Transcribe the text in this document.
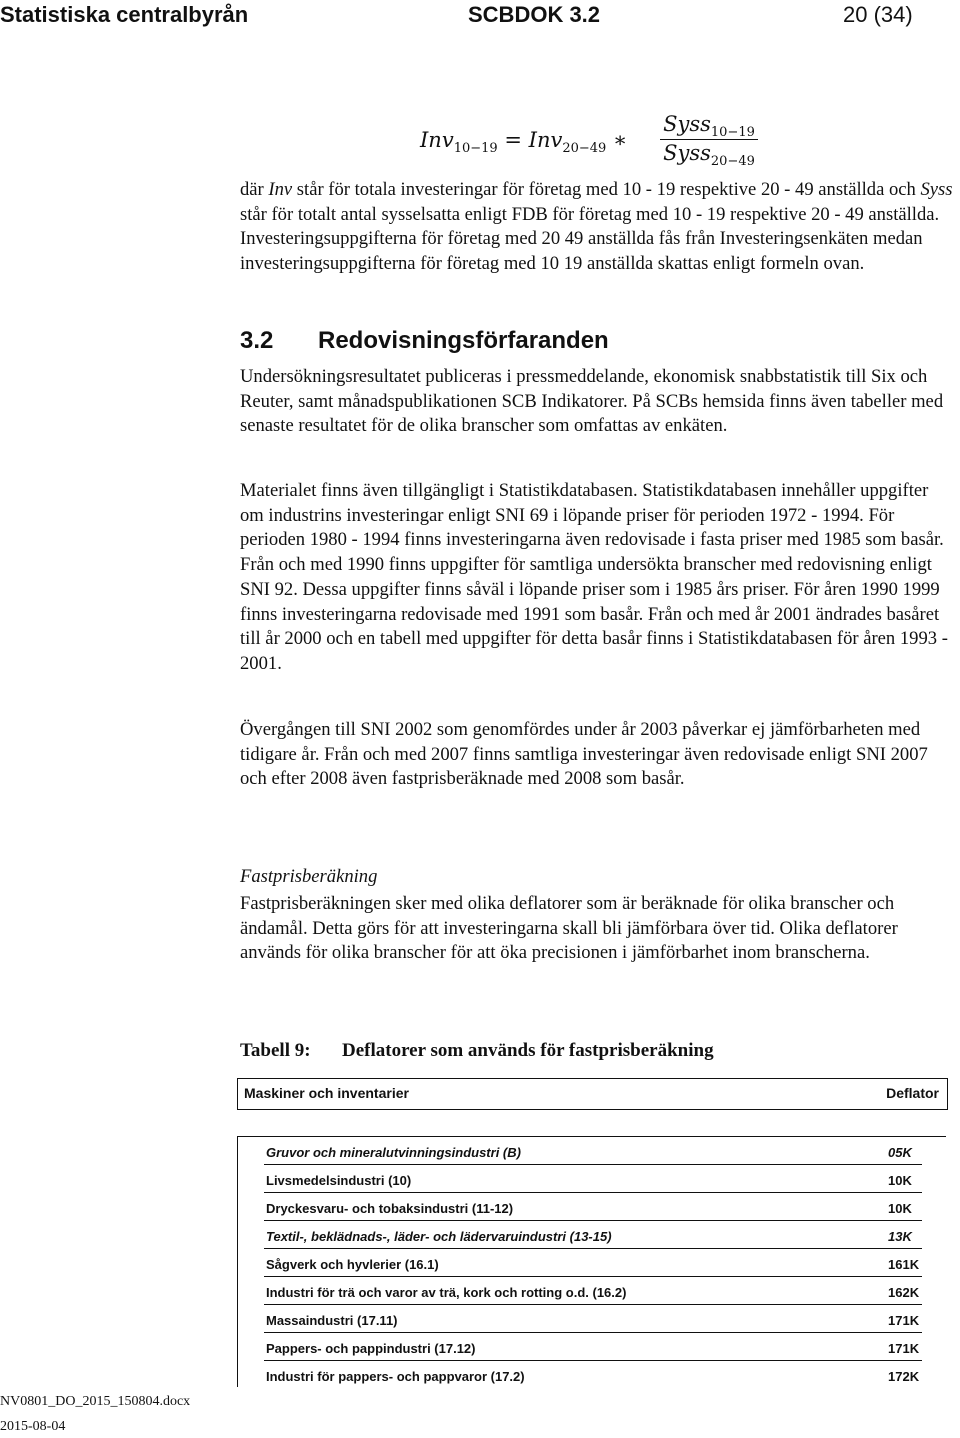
Statistiska centralbyrån	SCBDOK 3.2	20 (34)
Inv$_{10-19}$ = Inv$_{20-49}$ ∗
Syss$_{10-19}$
Syss$_{20-49}$

där Inv står för totala investeringar för företag med 10 - 19 respektive 20 - 49 anställda och Syss står för totalt antal sysselsatta enligt FDB för företag med 10 - 19 respektive 20 - 49 anställda. Investeringsuppgifterna för företag med 20 49 anställda fås från Investeringsenkäten medan investeringsuppgifterna för företag med 10 19 anställda skattas enligt formeln ovan.

3.2 Redovisningsförfaranden

Undersökningsresultatet publiceras i pressmeddelande, ekonomisk snabbstatistik till Six och Reuter, samt månadspublikationen SCB Indikatorer. På SCBs hemsida finns även tabeller med senaste resultatet för de olika branscher som omfattas av enkäten.

Materialet finns även tillgängligt i Statistikdatabasen. Statistikdatabasen innehåller uppgifter om industrins investeringar enligt SNI 69 i löpande priser för perioden 1972 - 1994. För perioden 1980 - 1994 finns investeringarna även redovisade i fasta priser med 1985 som basår. Från och med 1990 finns uppgifter för samtliga undersökta branscher med redovisning enligt SNI 92. Dessa uppgifter finns såväl i löpande priser som i 1985 års priser. För åren 1990 1999 finns investeringarna redovisade med 1991 som basår. Från och med år 2001 ändrades basåret till år 2000 och en tabell med uppgifter för detta basår finns i Statistikdatabasen för åren 1993 - 2001.

Övergången till SNI 2002 som genomfördes under år 2003 påverkar ej jämförbarheten med tidigare år. Från och med 2007 finns samtliga investeringar även redovisade enligt SNI 2007 och efter 2008 även fastprisberäknade med 2008 som basår.

Fastprisberäkning

Fastprisberäkningen sker med olika deflatorer som är beräknade för olika branscher och ändamål. Detta görs för att investeringarna skall bli jämförbara över tid. Olika deflatorer används för olika branscher för att öka precisionen i jämförbarhet inom branscherna.

Tabell 9: Deflatorer som används för fastprisberäkning

Maskiner och inventarier	Deflator
Gruvor och mineralutvinningsindustri (B)	05K
Livsmedelsindustri (10)	10K
Dryckesvaru- och tobaksindustri (11-12)	10K
Textil-, beklädnads-, läder- och lädervaruindustri (13-15)	13K
Sågverk och hyvlerier (16.1)	161K
Industri för trä och varor av trä, kork och rotting o.d. (16.2)	162K
Massaindustri (17.11)	171K
Pappers- och pappindustri (17.12)	171K
Industri för pappers- och pappvaror (17.2)	172K
NV0801_DO_2015_150804.docx
2015-08-04
